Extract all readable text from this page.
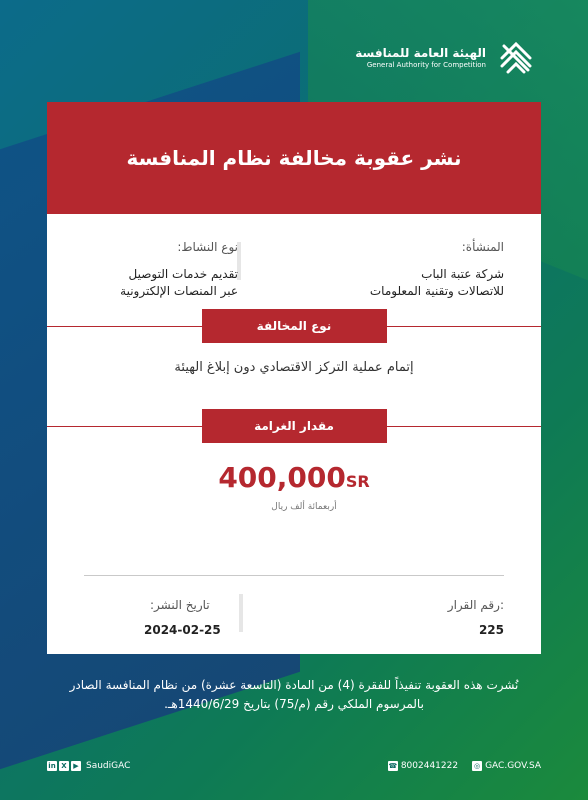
الهيئة العامة للمنافسة
General Authority for Competition
نشر عقوبة مخالفة نظام المنافسة
المنشأة:
شركة عتبة الباب
للاتصالات وتقنية المعلومات
نوع النشاط:
تقديم خدمات التوصيل
عبر المنصات الإلكترونية
نوع المخالفة
إتمام عملية التركز الاقتصادي دون إبلاغ الهيئة
مقدار الغرامة
400,000SR
أربعمائة ألف ريال
رقم القرار:
225
تاريخ النشر:
2024-02-25
نُشرت هذه العقوبة تنفيذاً للفقرة (4) من المادة (التاسعة عشرة) من نظام المنافسة الصادر بالمرسوم الملكي رقم (م/75) بتاريخ 1440/6/29هـ.
in X ▶ SaudiGAC	☎ 8002441222 ◎ GAC.GOV.SA
